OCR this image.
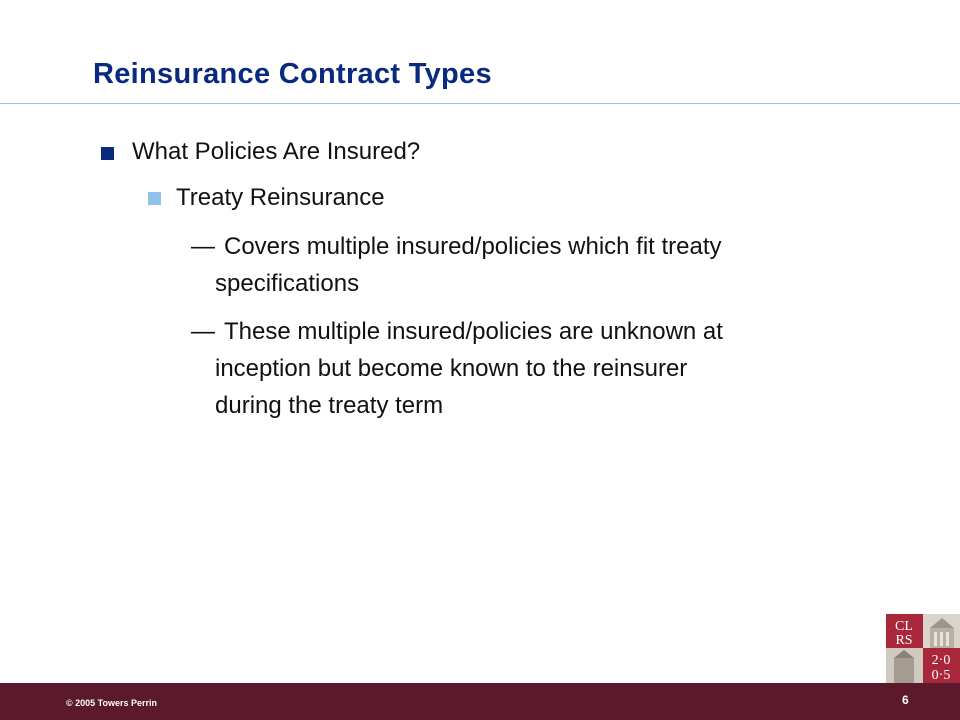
Reinsurance Contract Types
What Policies Are Insured?
Treaty Reinsurance
— Covers multiple insured/policies which fit treaty
specifications
— These multiple insured/policies are unknown at
inception but become known to the reinsurer
during the treaty term
CL
RS
2·0
0·5
© 2005 Towers Perrin	6
